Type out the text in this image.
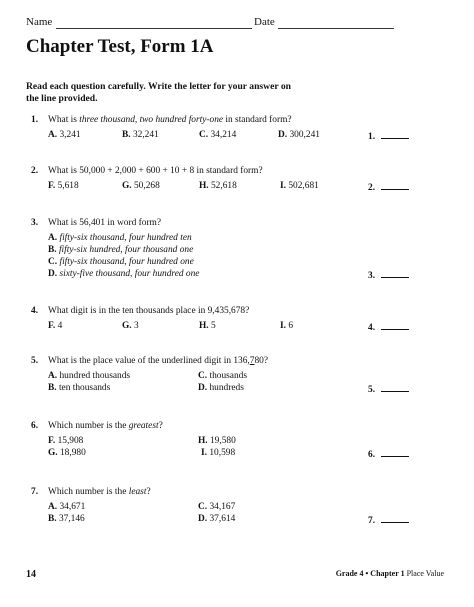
Name	Date
Chapter Test, Form 1A
Read each question carefully. Write the letter for your answer on the line provided.
1. What is three thousand, two hundred forty-one in standard form?
A. 3,241	B. 32,241	C. 34,214	D. 300,241	1.
2. What is 50,000 + 2,000 + 600 + 10 + 8 in standard form?
F. 5,618	G. 50,268	H. 52,618	I. 502,681	2.
3. What is 56,401 in word form?
A. fifty-six thousand, four hundred ten
B. fifty-six hundred, four thousand one
C. fifty-six thousand, four hundred one
D. sixty-five thousand, four hundred one	3.
4. What digit is in the ten thousands place in 9,435,678?
F. 4	G. 3	H. 5	I. 6	4.
5. What is the place value of the underlined digit in 136,780?
A. hundred thousands
B. ten thousands
C. thousands
D. hundreds	5.
6. Which number is the greatest?
F. 15,908
G. 18,980
H. 19,580
I. 10,598	6.
7. Which number is the least?
A. 34,671
B. 37,146
C. 34,167
D. 37,614	7.
14	Grade 4 • Chapter 1 Place Value
